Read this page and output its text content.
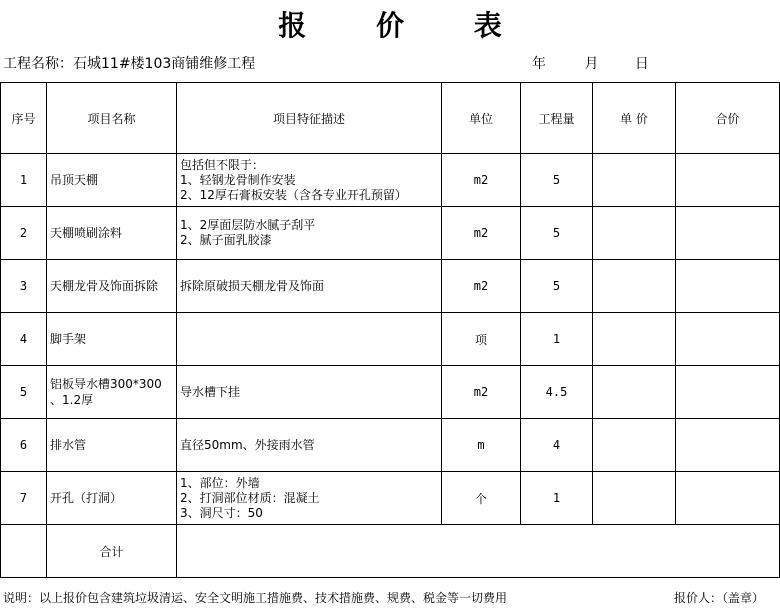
报 价 表
工程名称：石城11#楼103商铺维修工程	年	月	日
序号	项目名称	项目特征描述	单位	工程量	单 价	合价
1	吊顶天棚	包括但不限于：
1、轻钢龙骨制作安装
2、12厚石膏板安装（含各专业开孔预留）	m2	5		
2	天棚喷刷涂料	1、2厚面层防水腻子刮平
2、腻子面乳胶漆	m2	5		
3	天棚龙骨及饰面拆除	拆除原破损天棚龙骨及饰面	m2	5		
4	脚手架		项	1		
5	铝板导水槽300*300
、1.2厚	导水槽下挂	m2	4.5		
6	排水管	直径50mm、外接雨水管	m	4		
7	开孔（打洞）	1、部位：外墙
2、打洞部位材质：混凝土
3、洞尺寸：50	个	1		
	合计					
说明：以上报价包含建筑垃圾清运、安全文明施工措施费、技术措施费、规费、税金等一切费用	报价人：（盖章）
